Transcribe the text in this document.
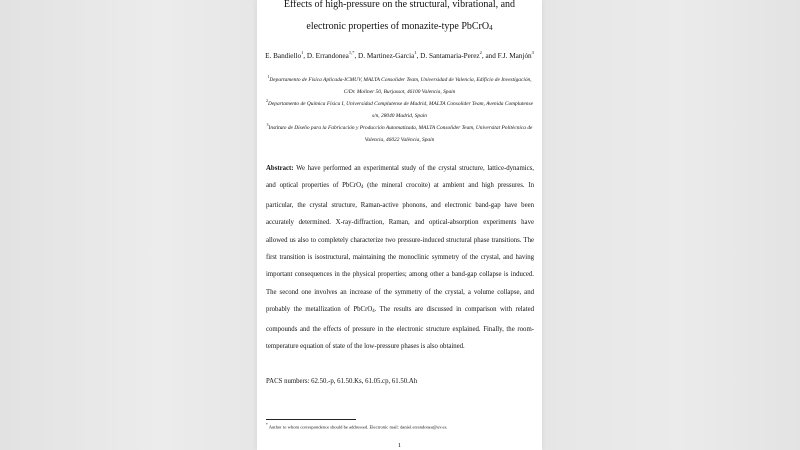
Effects of high-pressure on the structural, vibrational, and
electronic properties of monazite-type PbCrO$_4$
E. Bandiello$^1$, D. Errandonea$^{1,*}$, D. Martinez-Garcia$^1$, D. Santamaria-Perez$^2$, and F.J. Manjón$^3$
$^1$Departamento de Física Aplicada-ICMUV, MALTA Consolider Team, Universidad de Valencia, Edificio de Investigación, C/Dr. Moliner 50, Burjassot, 46100 Valencia, Spain
$^2$Departamento de Química Física I, Universidad Complutense de Madrid, MALTA Consolider Team, Avenida Complutense s/n, 28040 Madrid, Spain
$^3$Instituto de Diseño para la Fabricación y Producción Automatizada, MALTA Consolider Team, Universitat Politècnica de Valencia, 46022 València, Spain
Abstract: We have performed an experimental study of the crystal structure, lattice-dynamics, and optical properties of PbCrO$_4$ (the mineral crocoite) at ambient and high pressures. In particular, the crystal structure, Raman-active phonons, and electronic band-gap have been accurately determined. X-ray-diffraction, Raman, and optical-absorption experiments have allowed us also to completely characterize two pressure-induced structural phase transitions. The first transition is isostructural, maintaining the monoclinic symmetry of the crystal, and having important consequences in the physical properties; among other a band-gap collapse is induced. The second one involves an increase of the symmetry of the crystal, a volume collapse, and probably the metallization of PbCrO$_4$. The results are discussed in comparison with related compounds and the effects of pressure in the electronic structure explained. Finally, the room-temperature equation of state of the low-pressure phases is also obtained.
PACS numbers: 62.50.-p, 61.50.Ks, 61.05.cp, 61.50.Ah
* Author to whom correspondence should be addressed. Electronic mail: daniel.errandonea@uv.es.
1
